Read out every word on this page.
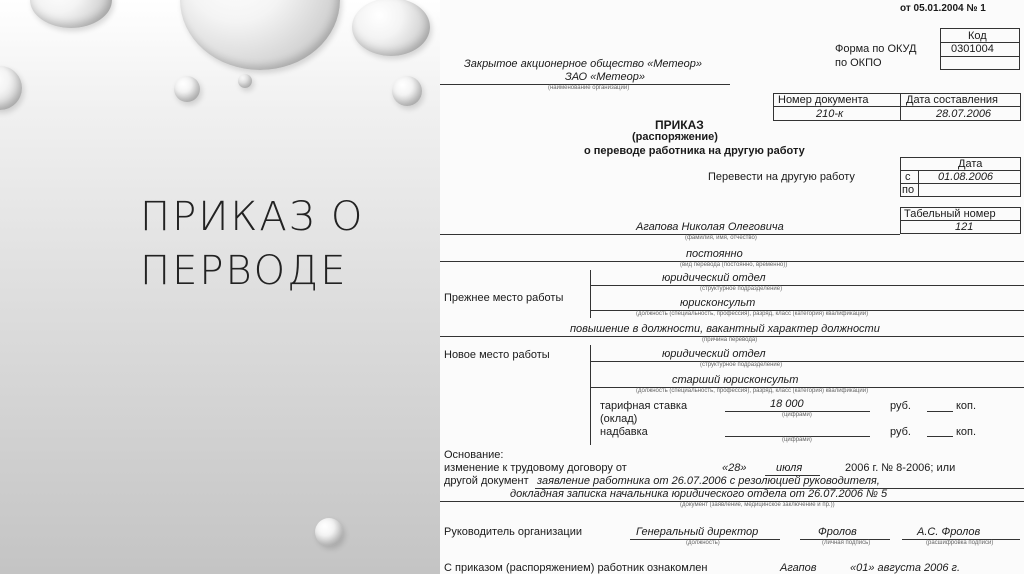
ПРИКАЗ О
ПЕРВОДЕ
от 05.01.2004 № 1
Код
0301004
Форма по ОКУД
по ОКПО
Закрытое акционерное общество «Метеор»
ЗАО «Метеор»
(наименование организации)
Номер документа	Дата составления
210-к	28.07.2006
ПРИКАЗ
(распоряжение)
о переводе работника на другую работу
Дата
с	01.08.2006
по
Перевести на другую работу
Табельный номер
121
Агапова Николая Олеговича
(фамилия, имя, отчество)
постоянно
(вид перевода (постоянно, временно))
Прежнее место работы
юридический отдел
(структурное подразделение)
юрисконсульт
(должность (специальность, профессия), разряд, класс (категория) квалификации)
повышение в должности, вакантный характер должности
(причина перевода)
Новое место работы	юридический отдел
(структурное подразделение)
старший юрисконсульт
(должность (специальность, профессия), разряд, класс (категория) квалификации)
тарифная ставка
(оклад)
18 000
(цифрами)
руб.	коп.
надбавка
(цифрами)
руб.	коп.
Основание:
изменение к трудовому договору от	«28»	июля	2006 г. № 8-2006; или
другой документ заявление работника от 26.07.2006 с резолюцией руководителя,
докладная записка начальника юридического отдела от 26.07.2006 № 5
(документ (заявление, медицинское заключение и пр.))
Руководитель организации	Генеральный директор	Фролов	А.С. Фролов
(должность)	(личная подпись)	(расшифровка подписи)
С приказом (распоряжением) работник ознакомлен	Агапов	«01» августа 2006 г.
